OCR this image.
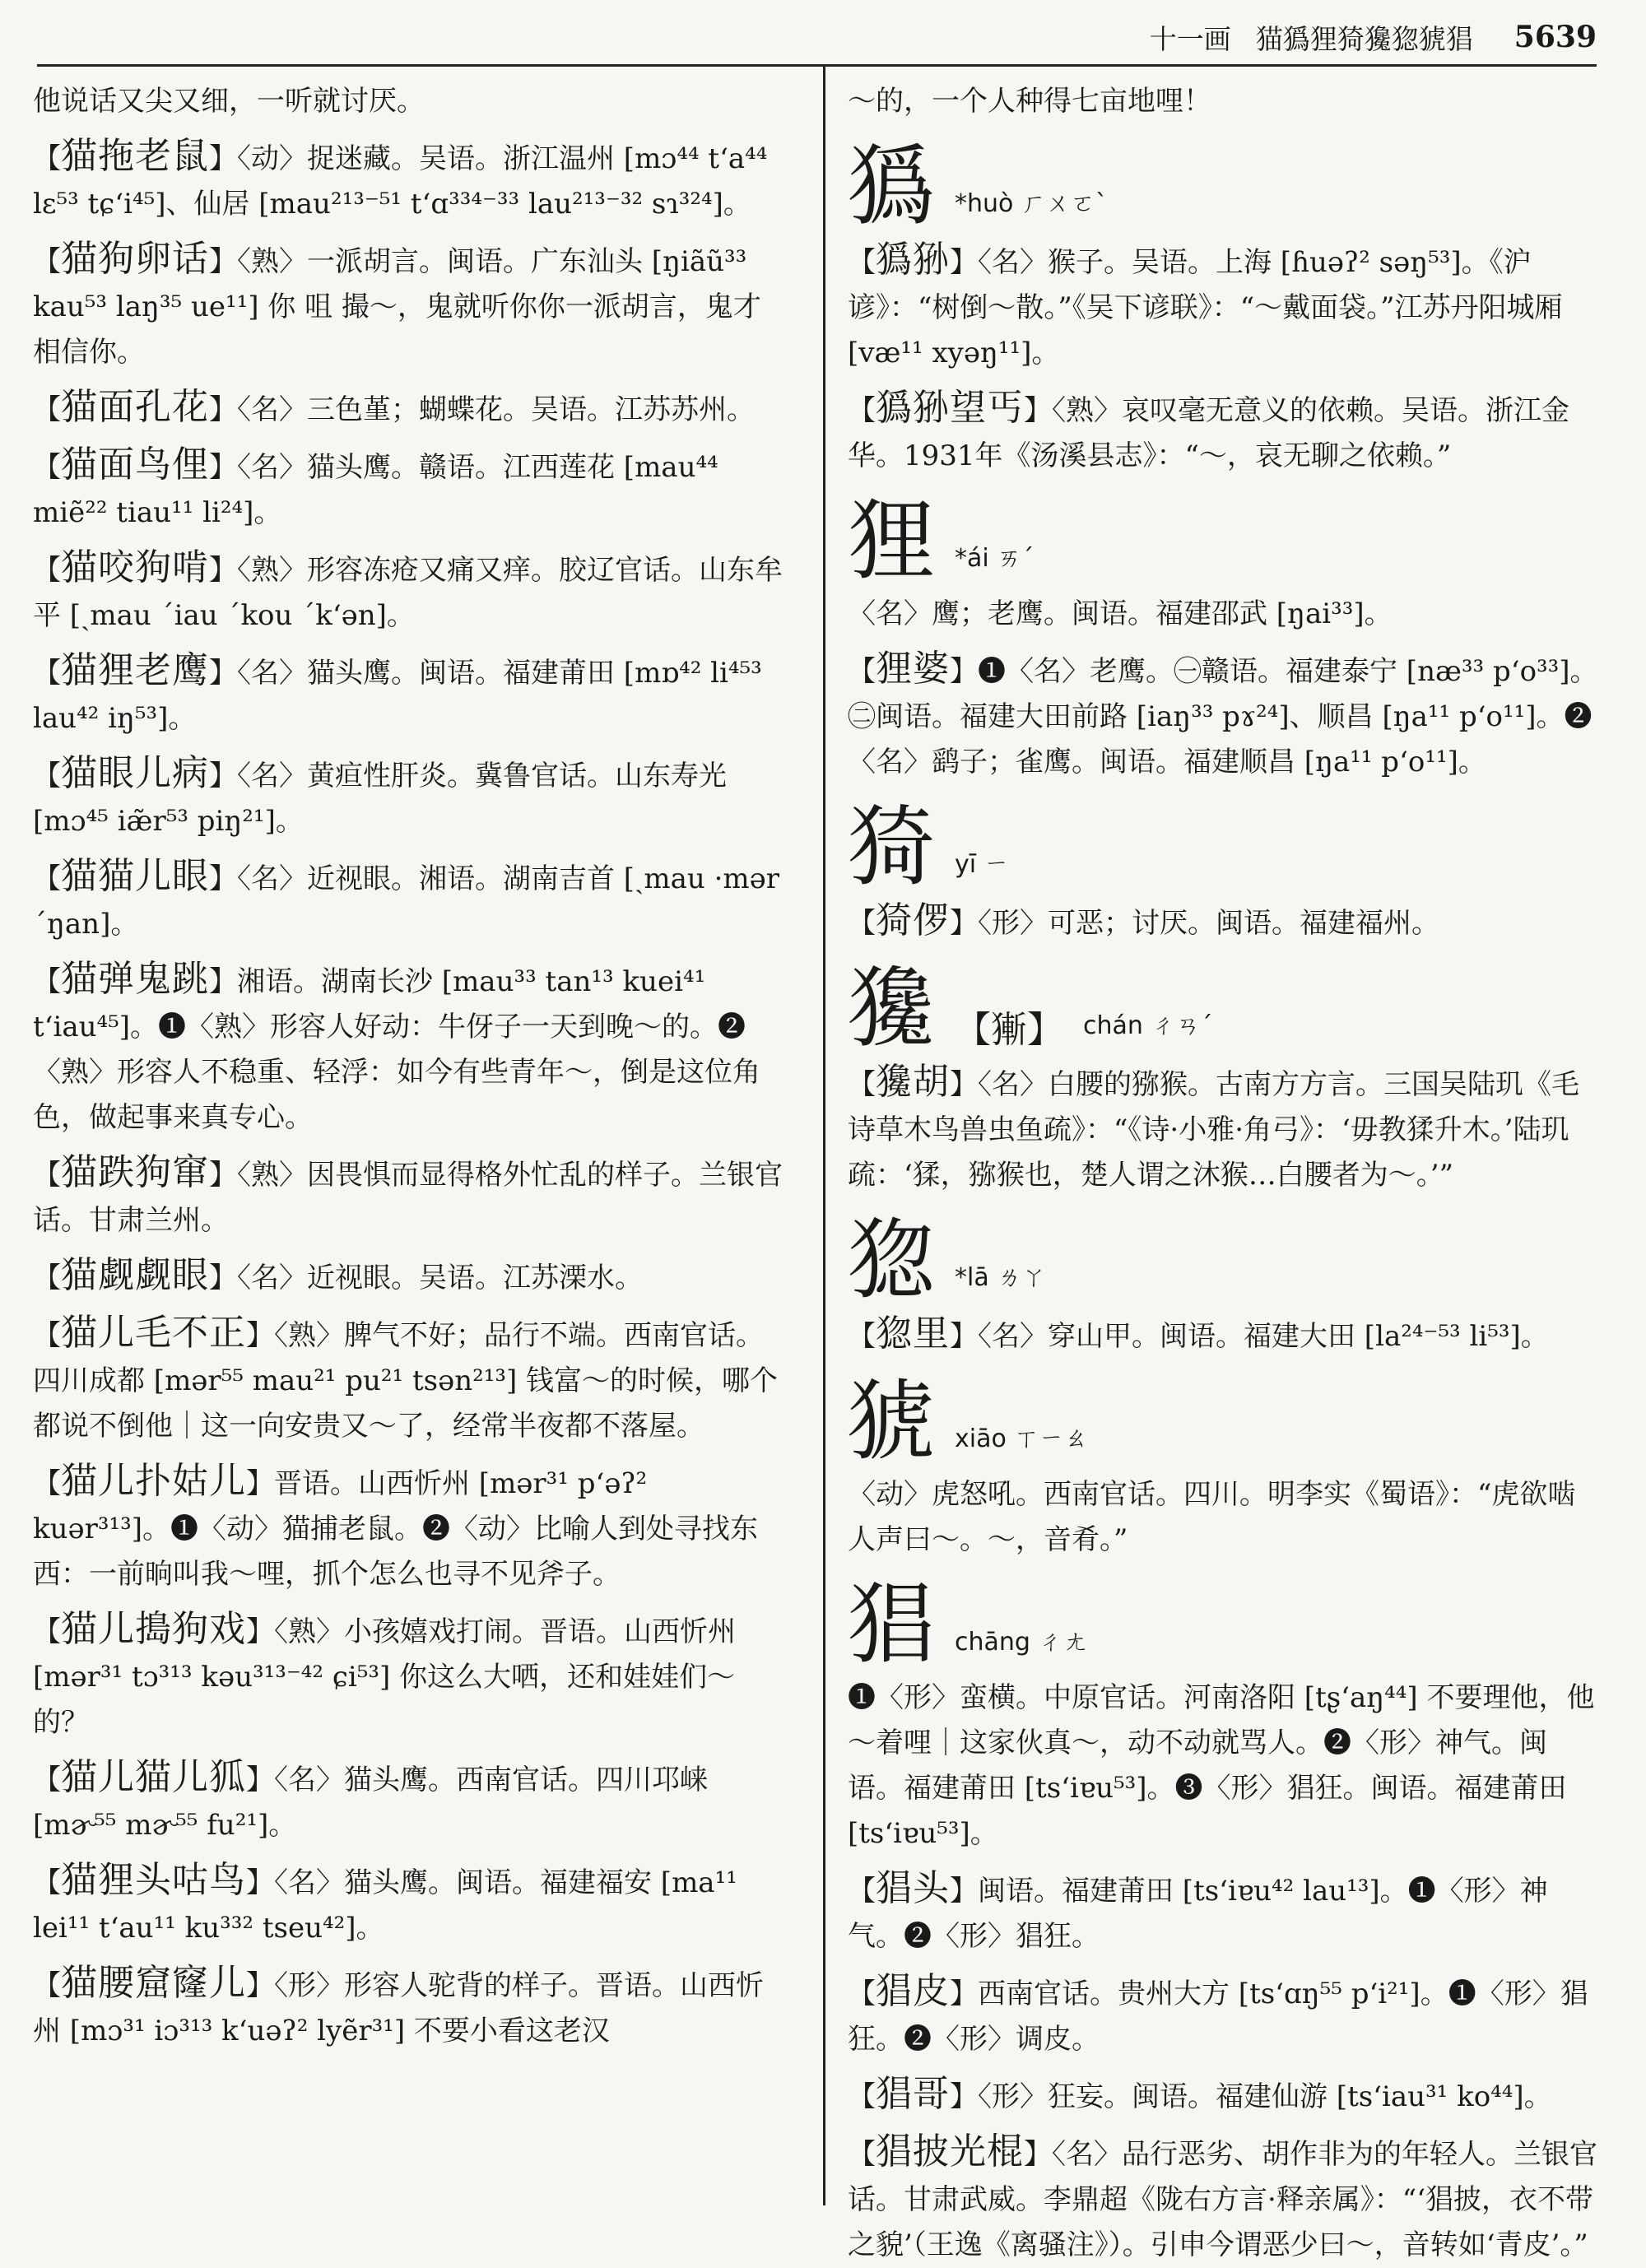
十一画 猫㺔狸猗㺥㺀猇猖 5639
他说话又尖又细，一听就讨厌。
【猫拖老鼠】〈动〉捉迷藏。吴语。浙江温州 [mɔ⁴⁴ t‘a⁴⁴ lɛ⁵³ tɕ‘i⁴⁵]、仙居 [mau²¹³⁻⁵¹ t‘ɑ³³⁴⁻³³ lau²¹³⁻³² sɿ³²⁴]。
【猫狗卵话】〈熟〉一派胡言。闽语。广东汕头 [ŋiãũ³³ kau⁵³ laŋ³⁵ ue¹¹] 你 咀 撮～，鬼就听你你一派胡言，鬼才相信你。
【猫面孔花】〈名〉三色堇；蝴蝶花。吴语。江苏苏州。
【猫面鸟俚】〈名〉猫头鹰。赣语。江西莲花 [mau⁴⁴ miẽ²² tiau¹¹ li²⁴]。
【猫咬狗啃】〈熟〉形容冻疮又痛又痒。胶辽官话。山东牟平 [ˏmau ˊiau ˊkou ˊk‘ən]。
【猫狸老鹰】〈名〉猫头鹰。闽语。福建莆田 [mɒ⁴² li⁴⁵³ lau⁴² iŋ⁵³]。
【猫眼儿病】〈名〉黄疸性肝炎。冀鲁官话。山东寿光 [mɔ⁴⁵ iæ̃r⁵³ piŋ²¹]。
【猫猫儿眼】〈名〉近视眼。湘语。湖南吉首 [ˏmau ·mər ˊŋan]。
【猫弹鬼跳】湘语。湖南长沙 [mau³³ tan¹³ kuei⁴¹ t‘iau⁴⁵]。❶〈熟〉形容人好动：牛伢子一天到晚～的。❷〈熟〉形容人不稳重、轻浮：如今有些青年～，倒是这位角色，做起事来真专心。
【猫跌狗窜】〈熟〉因畏惧而显得格外忙乱的样子。兰银官话。甘肃兰州。
【猫觑觑眼】〈名〉近视眼。吴语。江苏溧水。
【猫儿毛不正】〈熟〉脾气不好；品行不端。西南官话。四川成都 [mər⁵⁵ mau²¹ pu²¹ tsən²¹³] 钱富～的时候，哪个都说不倒他｜这一向安贵又～了，经常半夜都不落屋。
【猫儿扑姑儿】晋语。山西忻州 [mər³¹ p‘əʔ² kuər³¹³]。❶〈动〉猫捕老鼠。❷〈动〉比喻人到处寻找东西：一前晌叫我～哩，抓个怎么也寻不见斧子。
【猫儿搗狗戏】〈熟〉小孩嬉戏打闹。晋语。山西忻州 [mər³¹ tɔ³¹³ kəu³¹³⁻⁴² ɕi⁵³] 你这么大哂，还和娃娃们～的？
【猫儿猫儿狐】〈名〉猫头鹰。西南官话。四川邛崃 [mɚ⁵⁵ mɚ⁵⁵ fu²¹]。
【猫狸头咕鸟】〈名〉猫头鹰。闽语。福建福安 [ma¹¹ lei¹¹ t‘au¹¹ ku³³² tseu⁴²]。
【猫腰窟窿儿】〈形〉形容人驼背的样子。晋语。山西忻州 [mɔ³¹ iɔ³¹³ k‘uəʔ² lyẽr³¹] 不要小看这老汉
～的，一个人种得七亩地哩！
㺔 *huò ㄏㄨㄛˋ
【㺔狲】〈名〉猴子。吴语。上海 [ɦuəʔ² səŋ⁵³]。《沪谚》：“树倒～散。”《吴下谚联》：“～戴面袋。”江苏丹阳城厢 [væ¹¹ xyəŋ¹¹]。
【㺔狲望丐】〈熟〉哀叹毫无意义的依赖。吴语。浙江金华。1931年《汤溪县志》：“～，哀无聊之依赖。”
狸 *ái ㄞˊ
〈名〉鹰；老鹰。闽语。福建邵武 [ŋai³³]。
【狸婆】❶〈名〉老鹰。㊀赣语。福建泰宁 [næ³³ p‘o³³]。㊁闽语。福建大田前路 [iaŋ³³ pɤ²⁴]、顺昌 [ŋa¹¹ p‘o¹¹]。❷〈名〉鹞子；雀鹰。闽语。福建顺昌 [ŋa¹¹ p‘o¹¹]。
猗 yī ㄧ
【猗㑩】〈形〉可恶；讨厌。闽语。福建福州。
㺥 【獑】 chán ㄔㄢˊ
【㺥胡】〈名〉白腰的猕猴。古南方方言。三国吴陆玑《毛诗草木鸟兽虫鱼疏》：“《诗·小雅·角弓》：‘毋教猱升木。’陆玑疏：‘猱，猕猴也，楚人谓之沐猴…白腰者为～。’”
㺀 *lā ㄌㄚ
【㺀里】〈名〉穿山甲。闽语。福建大田 [la²⁴⁻⁵³ li⁵³]。
猇 xiāo ㄒㄧㄠ
〈动〉虎怒吼。西南官话。四川。明李实《蜀语》：“虎欲啮人声曰～。～，音肴。”
猖 chāng ㄔㄤ
❶〈形〉蛮横。中原官话。河南洛阳 [tʂ‘aŋ⁴⁴] 不要理他，他～着哩｜这家伙真～，动不动就骂人。❷〈形〉神气。闽语。福建莆田 [ts‘iɐu⁵³]。❸〈形〉猖狂。闽语。福建莆田 [ts‘iɐu⁵³]。
【猖头】闽语。福建莆田 [ts‘iɐu⁴² lau¹³]。❶〈形〉神气。❷〈形〉猖狂。
【猖皮】西南官话。贵州大方 [ts‘ɑŋ⁵⁵ p‘i²¹]。❶〈形〉猖狂。❷〈形〉调皮。
【猖哥】〈形〉狂妄。闽语。福建仙游 [ts‘iau³¹ ko⁴⁴]。
【猖披光棍】〈名〉品行恶劣、胡作非为的年轻人。兰银官话。甘肃武威。李鼎超《陇右方言·释亲属》：“‘猖披，衣不带之貌’（王逸《离骚注》）。引申今谓恶少曰～，音转如‘青皮’。”
